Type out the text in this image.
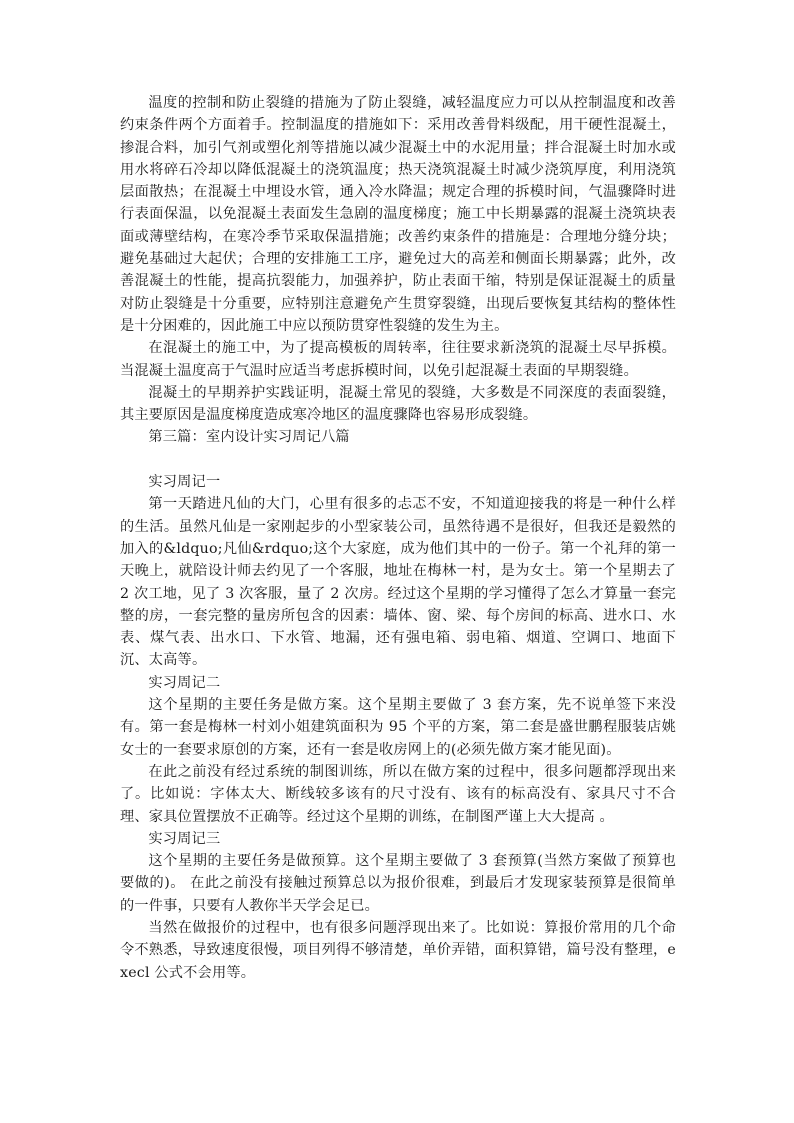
温度的控制和防止裂缝的措施为了防止裂缝，减轻温度应力可以从控制温度和改善约束条件两个方面着手。控制温度的措施如下：采用改善骨料级配，用干硬性混凝土，掺混合料，加引气剂或塑化剂等措施以减少混凝土中的水泥用量；拌合混凝土时加水或用水将碎石冷却以降低混凝土的浇筑温度；热天浇筑混凝土时减少浇筑厚度，利用浇筑层面散热；在混凝土中埋设水管，通入冷水降温；规定合理的拆模时间，气温骤降时进行表面保温，以免混凝土表面发生急剧的温度梯度；施工中长期暴露的混凝土浇筑块表面或薄壁结构，在寒冷季节采取保温措施；改善约束条件的措施是：合理地分缝分块；避免基础过大起伏；合理的安排施工工序，避免过大的高差和侧面长期暴露；此外，改善混凝土的性能，提高抗裂能力，加强养护，防止表面干缩，特别是保证混凝土的质量对防止裂缝是十分重要，应特别注意避免产生贯穿裂缝，出现后要恢复其结构的整体性是十分困难的，因此施工中应以预防贯穿性裂缝的发生为主。

在混凝土的施工中，为了提高模板的周转率，往往要求新浇筑的混凝土尽早拆模。当混凝土温度高于气温时应适当考虑拆模时间，以免引起混凝土表面的早期裂缝。

混凝土的早期养护实践证明，混凝土常见的裂缝，大多数是不同深度的表面裂缝，其主要原因是温度梯度造成寒冷地区的温度骤降也容易形成裂缝。

第三篇：室内设计实习周记八篇

实习周记一

第一天踏进凡仙的大门，心里有很多的忐忑不安，不知道迎接我的将是一种什么样的生活。虽然凡仙是一家刚起步的小型家装公司，虽然待遇不是很好，但我还是毅然的加入的&ldquo;凡仙&rdquo;这个大家庭，成为他们其中的一份子。第一个礼拜的第一天晚上，就陪设计师去约见了一个客服，地址在梅林一村，是为女士。第一个星期去了 2 次工地，见了 3 次客服，量了 2 次房。经过这个星期的学习懂得了怎么才算量一套完整的房，一套完整的量房所包含的因素：墙体、窗、梁、每个房间的标高、进水口、水表、煤气表、出水口、下水管、地漏，还有强电箱、弱电箱、烟道、空调口、地面下沉、太高等。

实习周记二

这个星期的主要任务是做方案。这个星期主要做了 3 套方案，先不说单签下来没有。第一套是梅林一村刘小姐建筑面积为 95 个平的方案，第二套是盛世鹏程服装店姚女士的一套要求原创的方案，还有一套是收房网上的(必须先做方案才能见面)。

在此之前没有经过系统的制图训练，所以在做方案的过程中，很多问题都浮现出来了。比如说：字体太大、断线较多该有的尺寸没有、该有的标高没有、家具尺寸不合理、家具位置摆放不正确等。经过这个星期的训练，在制图严谨上大大提高 。

实习周记三

这个星期的主要任务是做预算。这个星期主要做了 3 套预算(当然方案做了预算也要做的)。 在此之前没有接触过预算总以为报价很难，到最后才发现家装预算是很简单的一件事，只要有人教你半天学会足已。

当然在做报价的过程中，也有很多问题浮现出来了。比如说：算报价常用的几个命令不熟悉，导致速度很慢，项目列得不够清楚，单价弄错，面积算错，篇号没有整理，execl 公式不会用等。
